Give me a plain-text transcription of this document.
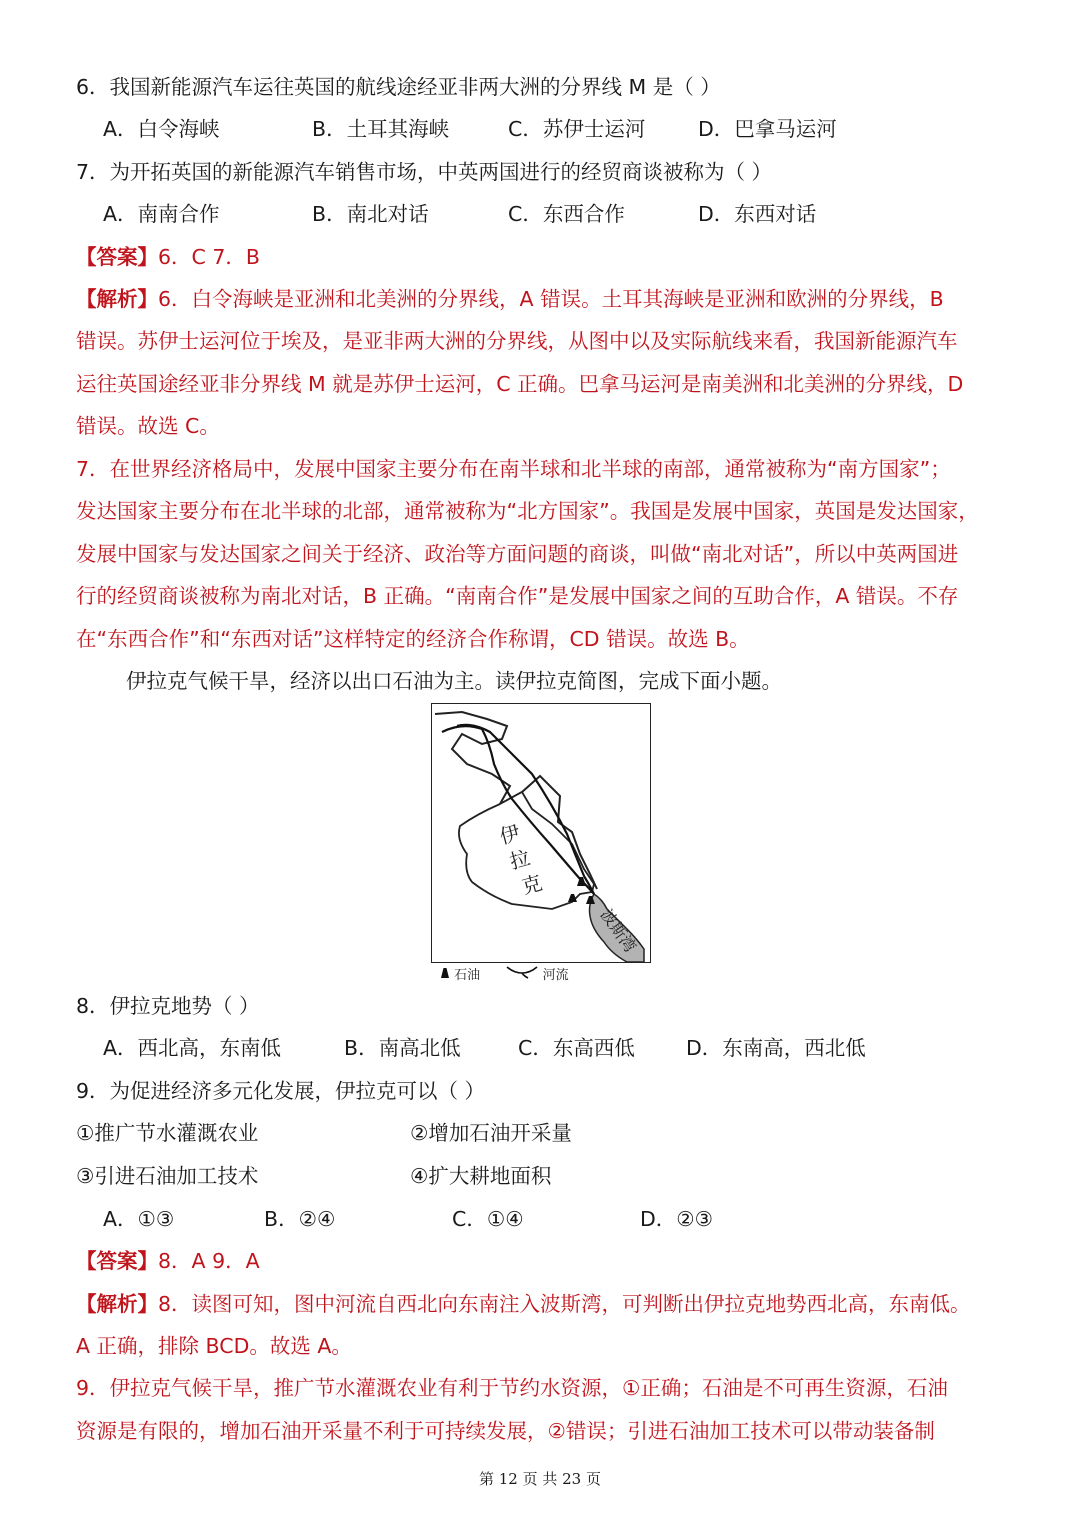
6．我国新能源汽车运往英国的航线途经亚非两大洲的分界线 M 是（ ）
A．白令海峡	B．土耳其海峡	C．苏伊士运河	D．巴拿马运河
7．为开拓英国的新能源汽车销售市场，中英两国进行的经贸商谈被称为（ ）
A．南南合作	B．南北对话	C．东西合作	D．东西对话
【答案】6．C 7．B
【解析】6．白令海峡是亚洲和北美洲的分界线，A 错误。土耳其海峡是亚洲和欧洲的分界线，B
错误。苏伊士运河位于埃及，是亚非两大洲的分界线，从图中以及实际航线来看，我国新能源汽车
运往英国途经亚非分界线 M 就是苏伊士运河，C 正确。巴拿马运河是南美洲和北美洲的分界线，D
错误。故选 C。
7．在世界经济格局中，发展中国家主要分布在南半球和北半球的南部，通常被称为“南方国家”；
发达国家主要分布在北半球的北部，通常被称为“北方国家”。我国是发展中国家，英国是发达国家，
发展中国家与发达国家之间关于经济、政治等方面问题的商谈，叫做“南北对话”，所以中英两国进
行的经贸商谈被称为南北对话，B 正确。“南南合作”是发展中国家之间的互助合作，A 错误。不存
在“东西合作”和“东西对话”这样特定的经济合作称谓，CD 错误。故选 B。
伊拉克气候干旱，经济以出口石油为主。读伊拉克简图，完成下面小题。
伊
拉
克
波斯湾
石油	河流
8．伊拉克地势（ ）
A．西北高，东南低	B．南高北低	C．东高西低 D．东南高，西北低
9．为促进经济多元化发展，伊拉克可以（ ）
①推广节水灌溉农业	②增加石油开采量
③引进石油加工技术	④扩大耕地面积
A．①③	B．②④	C．①④	D．②③
【答案】8．A 9．A
【解析】8．读图可知，图中河流自西北向东南注入波斯湾，可判断出伊拉克地势西北高，东南低。
A 正确，排除 BCD。故选 A。
9．伊拉克气候干旱，推广节水灌溉农业有利于节约水资源，①正确；石油是不可再生资源，石油
资源是有限的，增加石油开采量不利于可持续发展，②错误；引进石油加工技术可以带动装备制
第 12 页 共 23 页
